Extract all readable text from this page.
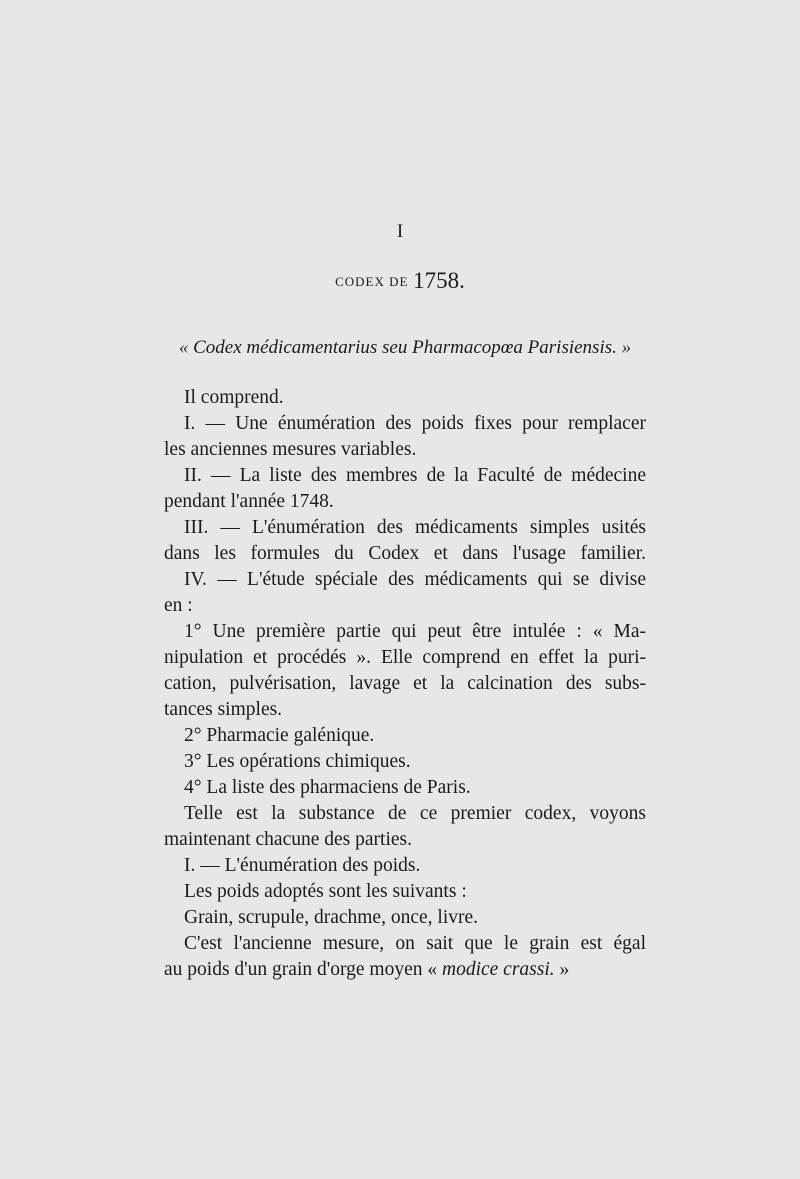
I
CODEX DE 1758.
« Codex médicamentarius seu Pharmacopœa Parisiensis. »
Il comprend.
I. — Une énumération des poids fixes pour remplacer
les anciennes mesures variables.
II. — La liste des membres de la Faculté de médecine
pendant l'année 1748.
III. — L'énumération des médicaments simples usités
dans les formules du Codex et dans l'usage familier.
IV. — L'étude spéciale des médicaments qui se divise
en :
1° Une première partie qui peut être intulée : « Ma-
nipulation et procédés ». Elle comprend en effet la puri-
cation, pulvérisation, lavage et la calcination des subs-
tances simples.
2° Pharmacie galénique.
3° Les opérations chimiques.
4° La liste des pharmaciens de Paris.
Telle est la substance de ce premier codex, voyons
maintenant chacune des parties.
I. — L'énumération des poids.
Les poids adoptés sont les suivants :
Grain, scrupule, drachme, once, livre.
C'est l'ancienne mesure, on sait que le grain est égal
au poids d'un grain d'orge moyen « modice crassi. »
